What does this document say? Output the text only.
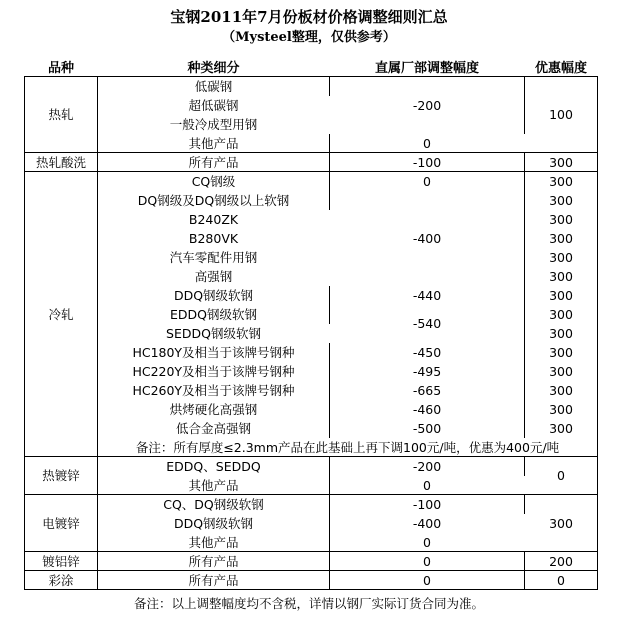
宝钢2011年7月份板材价格调整细则汇总
（Mysteel整理，仅供参考）
品种	种类细分	直属厂部调整幅度	优惠幅度
热轧	低碳钢	-200	100
	超低碳钢		
	一般冷成型用钢		
	其他产品	0	
热轧酸洗	所有产品	-100	300
冷轧	CQ钢级	0	300
	DQ钢级及DQ钢级以上软钢	-400	300
	B240ZK		300
	B280VK		300
	汽车零配件用钢		300
	高强钢		300
	DDQ钢级软钢	-440	300
	EDDQ钢级软钢	-540	300
	SEDDQ钢级软钢		300
	HC180Y及相当于该牌号钢种	-450	300
	HC220Y及相当于该牌号钢种	-495	300
	HC260Y及相当于该牌号钢种	-665	300
	烘烤硬化高强钢	-460	300
	低合金高强钢	-500	300
	备注：所有厚度≤2.3mm产品在此基础上再下调100元/吨，优惠为400元/吨		
热镀锌	EDDQ、SEDDQ	-200	0
	其他产品	0	
电镀锌	CQ、DQ钢级软钢	-100	300
	DDQ钢级软钢	-400	
	其他产品	0	
镀铝锌	所有产品	0	200
彩涂	所有产品	0	0
备注：以上调整幅度均不含税，详情以钢厂实际订货合同为准。
